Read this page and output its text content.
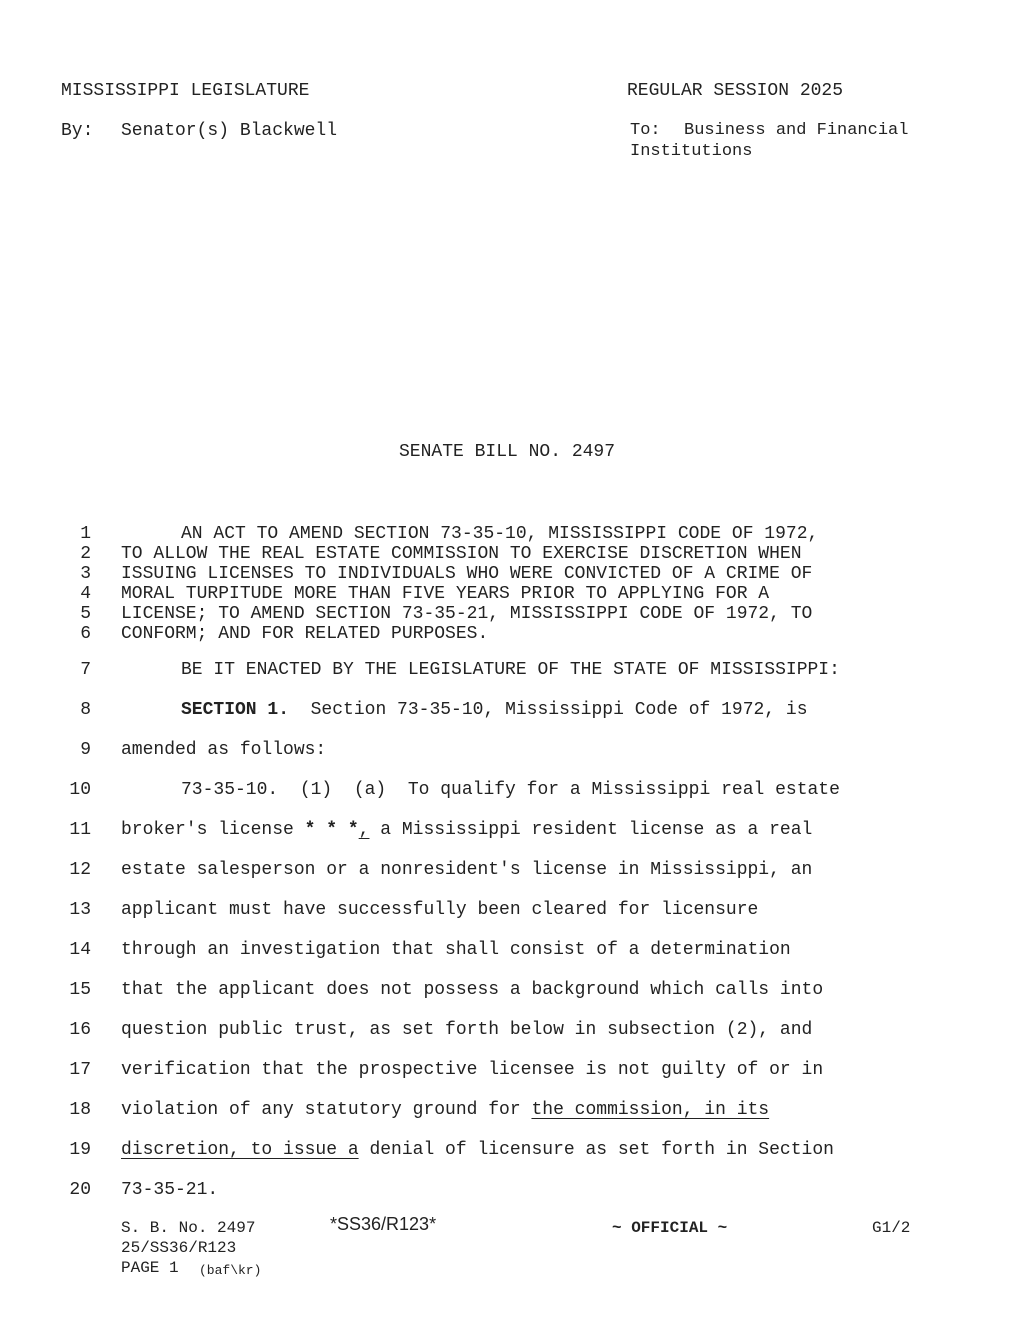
MISSISSIPPI LEGISLATURE	REGULAR SESSION 2025
By: Senator(s) Blackwell	To: Business and Financial
Institutions
SENATE BILL NO. 2497
1	AN ACT TO AMEND SECTION 73-35-10, MISSISSIPPI CODE OF 1972,
2 TO ALLOW THE REAL ESTATE COMMISSION TO EXERCISE DISCRETION WHEN
3 ISSUING LICENSES TO INDIVIDUALS WHO WERE CONVICTED OF A CRIME OF
4 MORAL TURPITUDE MORE THAN FIVE YEARS PRIOR TO APPLYING FOR A
5 LICENSE; TO AMEND SECTION 73-35-21, MISSISSIPPI CODE OF 1972, TO
6 CONFORM; AND FOR RELATED PURPOSES.
7	BE IT ENACTED BY THE LEGISLATURE OF THE STATE OF MISSISSIPPI:
8	SECTION 1.  Section 73-35-10, Mississippi Code of 1972, is
9 amended as follows:
10	73-35-10.  (1)  (a)  To qualify for a Mississippi real estate
11 broker's license * * *, a Mississippi resident license as a real
12 estate salesperson or a nonresident's license in Mississippi, an
13 applicant must have successfully been cleared for licensure
14 through an investigation that shall consist of a determination
15 that the applicant does not possess a background which calls into
16 question public trust, as set forth below in subsection (2), and
17 verification that the prospective licensee is not guilty of or in
18 violation of any statutory ground for the commission, in its
19 discretion, to issue a denial of licensure as set forth in Section
20 73-35-21.
S. B. No. 2497	*SS36/R123*	~ OFFICIAL ~	G1/2
25/SS36/R123
PAGE 1 (baf\kr)
